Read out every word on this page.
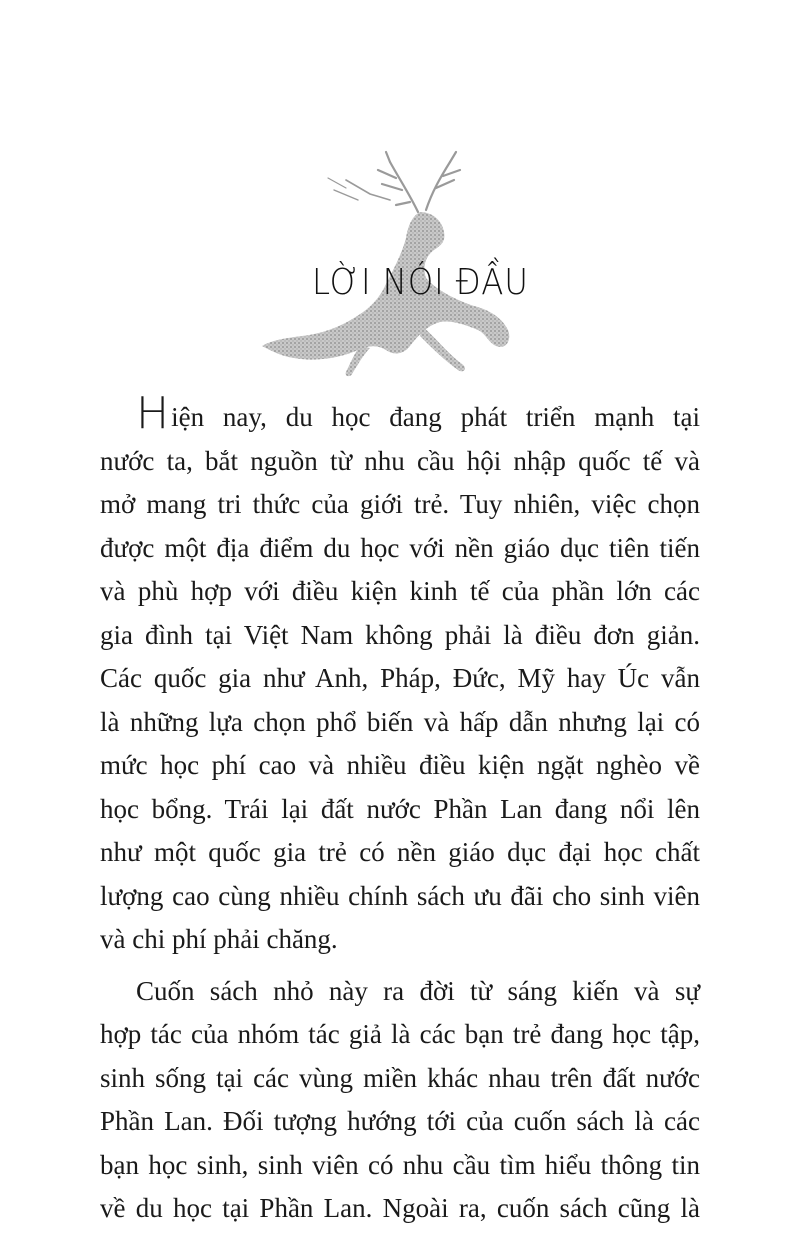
LỜI NÓI ĐẦU

Hiện nay, du học đang phát triển mạnh tại
nước ta, bắt nguồn từ nhu cầu hội nhập quốc tế và
mở mang tri thức của giới trẻ. Tuy nhiên, việc chọn
được một địa điểm du học với nền giáo dục tiên tiến
và phù hợp với điều kiện kinh tế của phần lớn các
gia đình tại Việt Nam không phải là điều đơn giản.
Các quốc gia như Anh, Pháp, Đức, Mỹ hay Úc vẫn
là những lựa chọn phổ biến và hấp dẫn nhưng lại có
mức học phí cao và nhiều điều kiện ngặt nghèo về
học bổng. Trái lại đất nước Phần Lan đang nổi lên
như một quốc gia trẻ có nền giáo dục đại học chất
lượng cao cùng nhiều chính sách ưu đãi cho sinh viên
và chi phí phải chăng.

Cuốn sách nhỏ này ra đời từ sáng kiến và sự
hợp tác của nhóm tác giả là các bạn trẻ đang học tập,
sinh sống tại các vùng miền khác nhau trên đất nước
Phần Lan. Đối tượng hướng tới của cuốn sách là các
bạn học sinh, sinh viên có nhu cầu tìm hiểu thông tin
về du học tại Phần Lan. Ngoài ra, cuốn sách cũng là
